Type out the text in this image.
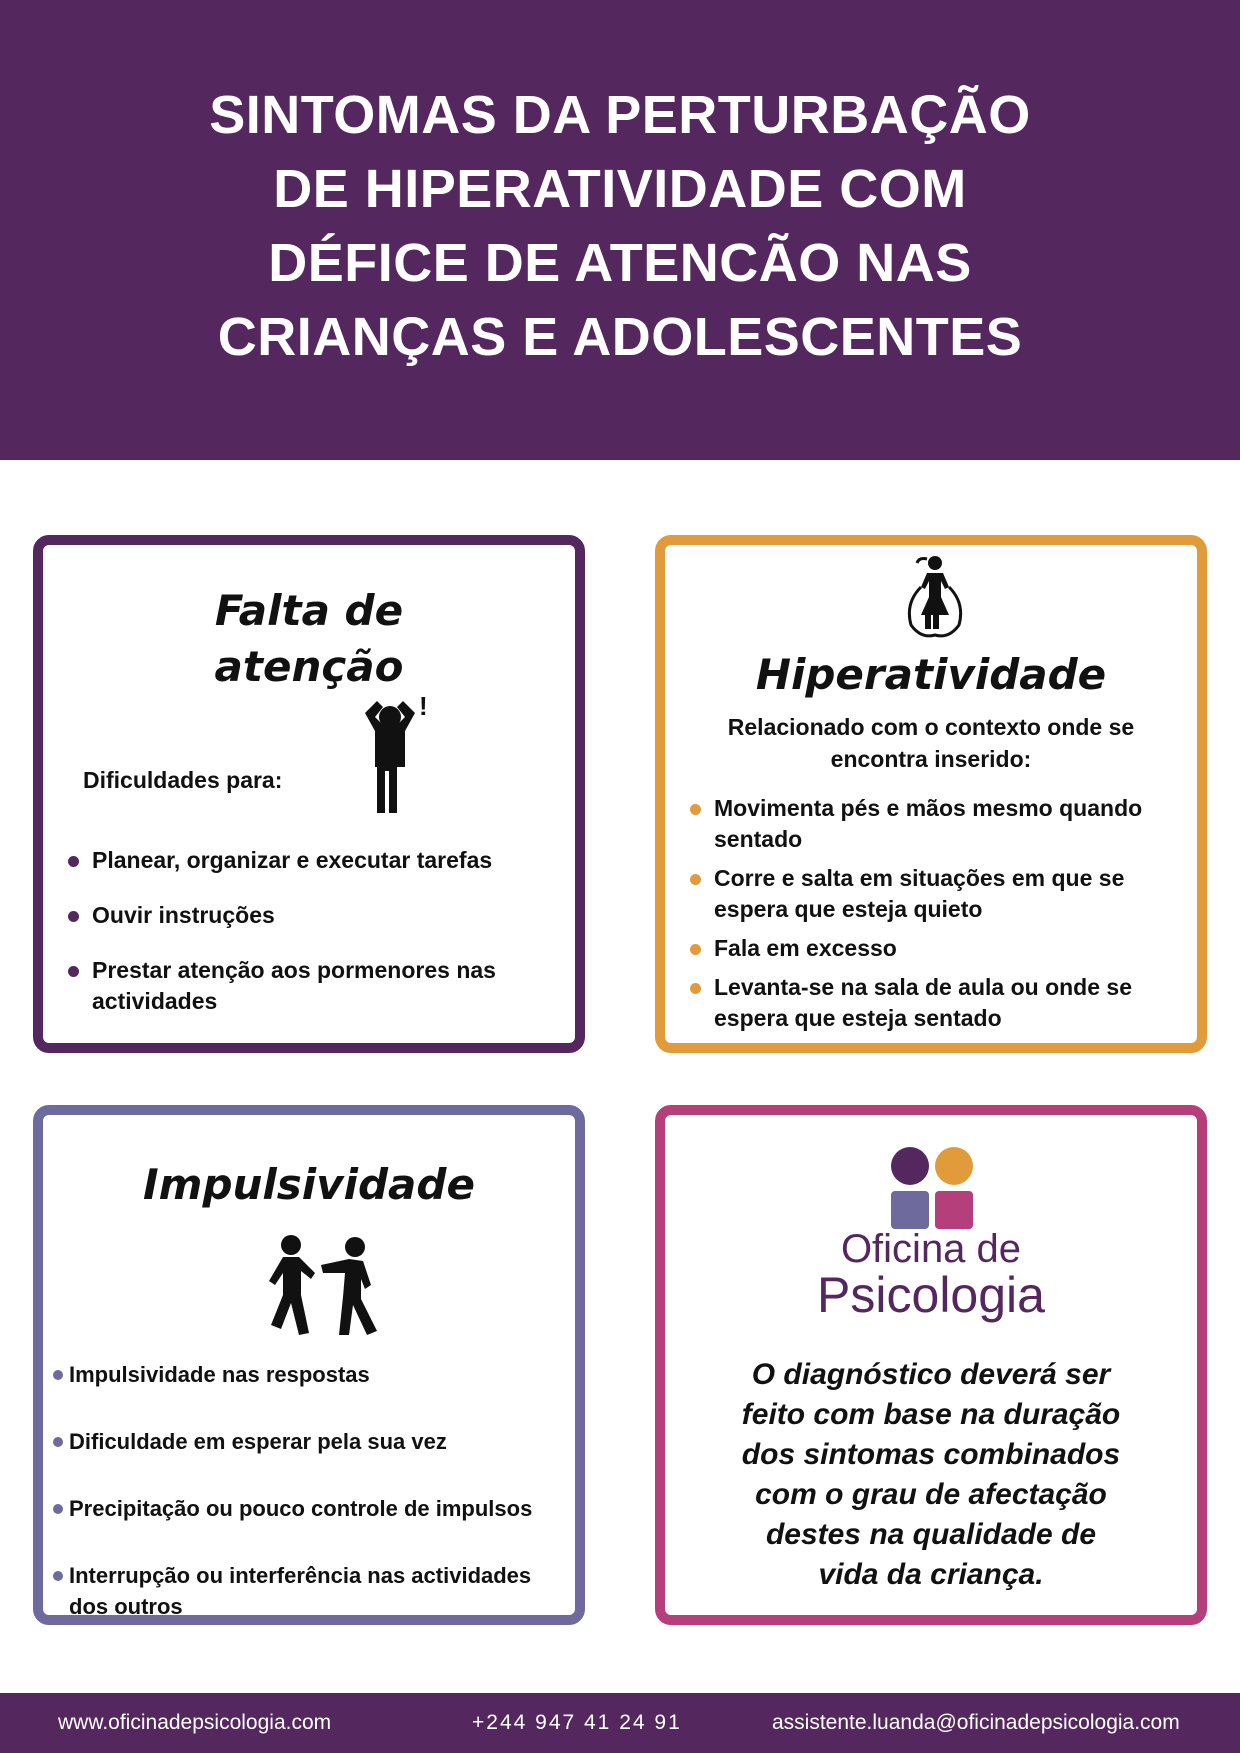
SINTOMAS DA PERTURBAÇÃO
DE HIPERATIVIDADE COM
DÉFICE DE ATENCÃO NAS
CRIANÇAS E ADOLESCENTES
Falta de
atenção
!
Dificuldades para:
Planear, organizar e executar tarefas
Ouvir instruções
Prestar atenção aos pormenores nas actividades
Hiperatividade
Relacionado com o contexto onde se encontra inserido:
Movimenta pés e mãos mesmo quando sentado
Corre e salta em situações em que se espera que esteja quieto
Fala em excesso
Levanta-se na sala de aula ou onde se espera que esteja sentado
Impulsividade
Impulsividade nas respostas
Dificuldade em esperar pela sua vez
Precipitação ou pouco controle de impulsos
Interrupção ou interferência nas actividades dos outros
Oficina de
Psicologia
O diagnóstico deverá ser
feito com base na duração
dos sintomas combinados
com o grau de afectação
destes na qualidade de
vida da criança.
www.oficinadepsicologia.com	+244 947 41 24 91	assistente.luanda@oficinadepsicologia.com
